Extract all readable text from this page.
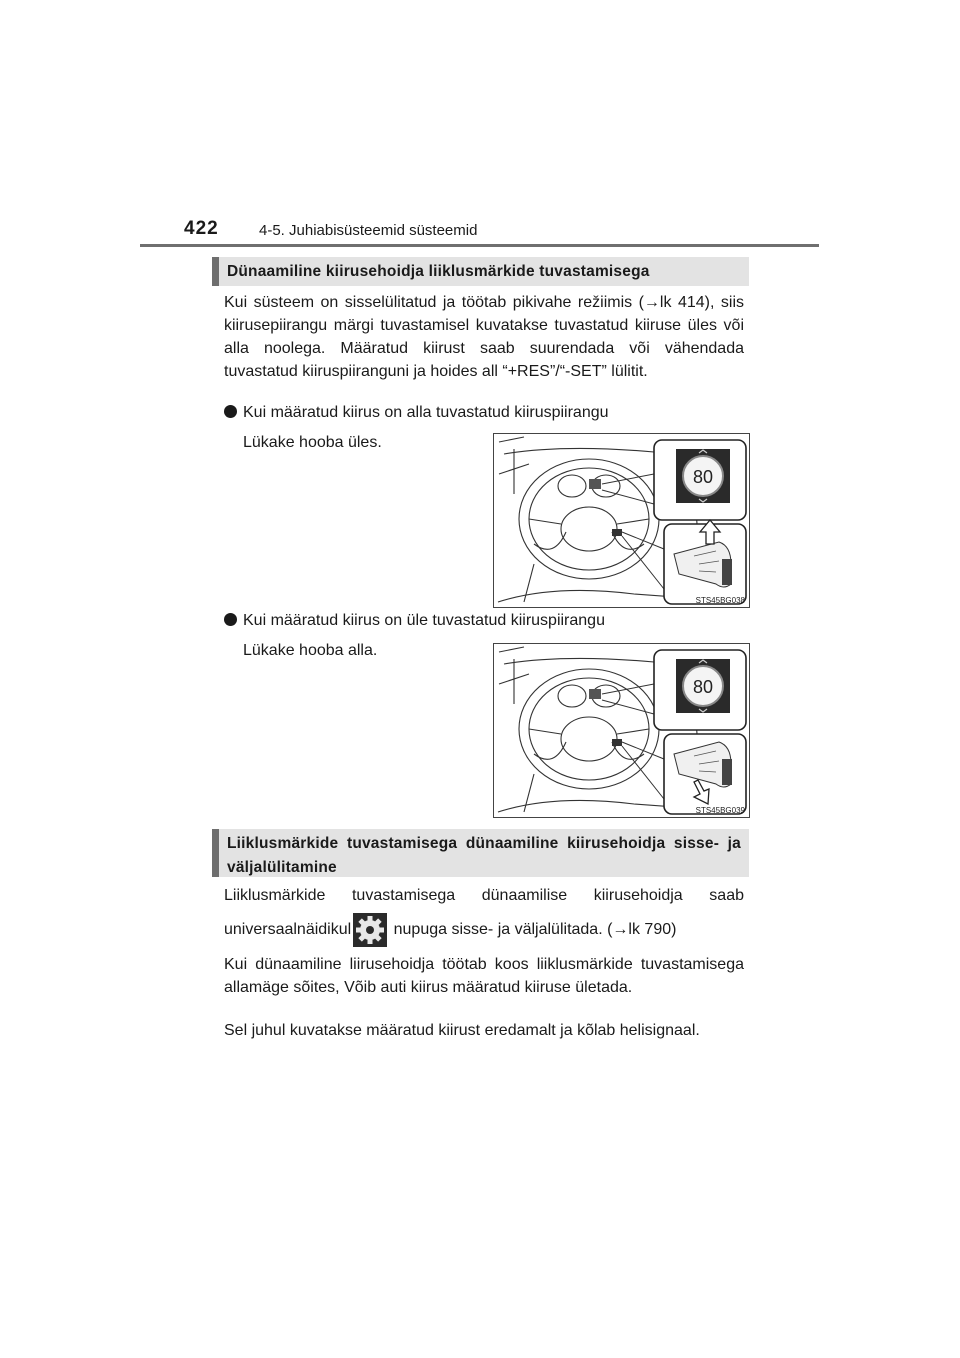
422	4-5. Juhiabisüsteemid süsteemid
Dünaamiline kiirusehoidja liiklusmärkide tuvastamisega
Kui süsteem on sisselülitatud ja töötab pikivahe režiimis (→lk 414), siis kiirusepiirangu märgi tuvastamisel kuvatakse tuvastatud kiiruse üles või alla noolega. Määratud kiirust saab suurendada või vähendada tuvastatud kiiruspiiranguni ja hoides all “+RES”/“-SET” lülitit.
Kui määratud kiirus on alla tuvastatud kiiruspiirangu
Lükake hooba üles.
80
STS45BG038
Kui määratud kiirus on üle tuvastatud kiiruspiirangu
Lükake hooba alla.
80
STS45BG039
Liiklusmärkide tuvastamisega dünaamiline kiirusehoidja sisse- ja väljalülitamine
Liiklusmärkide tuvastamisega dünaamilise kiirusehoidja saab
universaalnäidikul nupuga sisse- ja väljalülitada. (→lk 790)
Kui dünaamiline liirusehoidja töötab koos liiklusmärkide tuvastamisega allamäge sõites, Võib auti kiirus määratud kiiruse ületada.
Sel juhul kuvatakse määratud kiirust eredamalt ja kõlab helisignaal.
